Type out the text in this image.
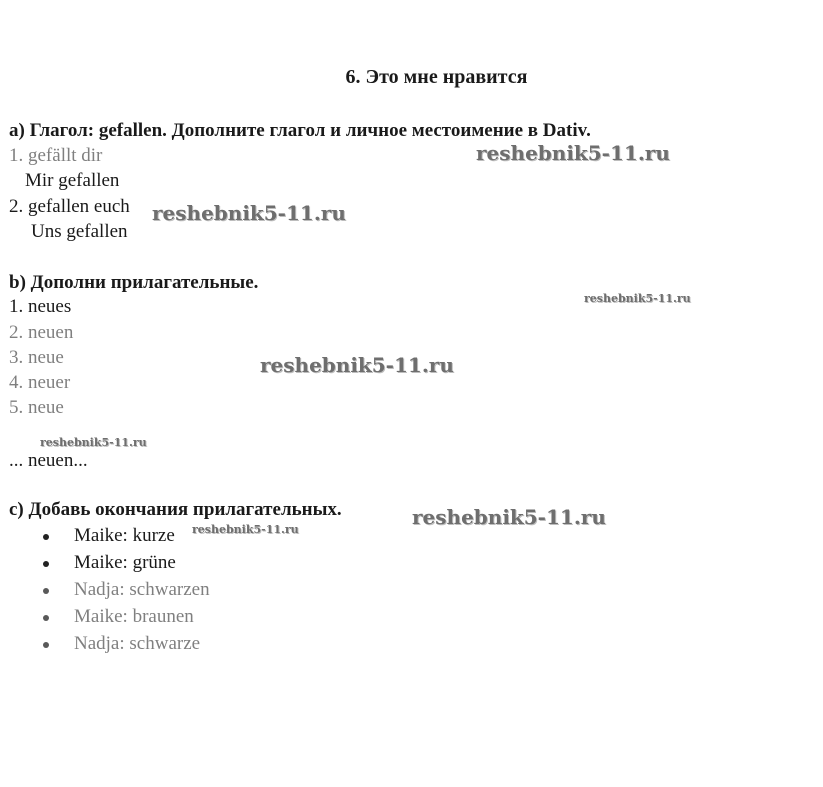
6. Это мне нравится
a) Глагол: gefallen. Дополните глагол и личное местоимение в Dativ.
1. gefällt dir
Mir gefallen
2. gefallen euch
Uns gefallen
b) Дополни прилагательные.
1. neues
2. neuen
3. neue
4. neuer
5. neue
... neuen...
c) Добавь окончания прилагательных.
Maike: kurze
Maike: grüne
Nadja: schwarzen
Maike: braunen
Nadja: schwarze
reshebnik5-11.ru
reshebnik5-11.ru
reshebnik5-11.ru
reshebnik5-11.ru
reshebnik5-11.ru
reshebnik5-11.ru
reshebnik5-11.ru
